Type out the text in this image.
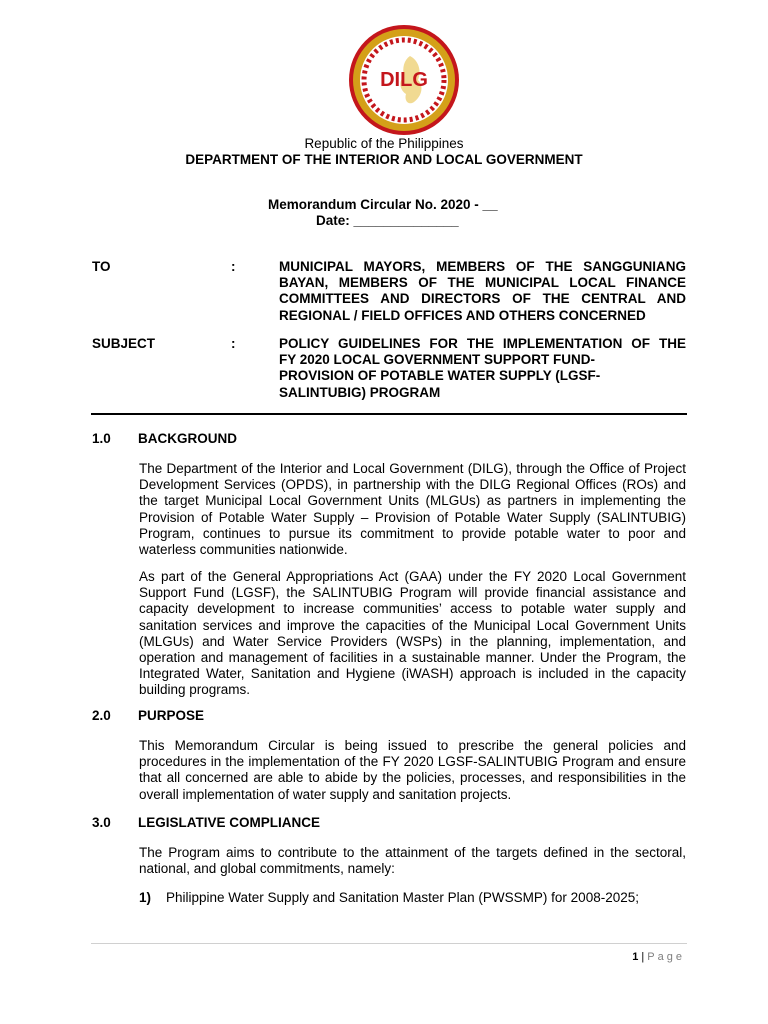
DILG
Republic of the Philippines
DEPARTMENT OF THE INTERIOR AND LOCAL GOVERNMENT
Memorandum Circular No. 2020 - __
Date: ______________
TO	:	MUNICIPAL MAYORS, MEMBERS OF THE SANGGUNIANG
BAYAN, MEMBERS OF THE MUNICIPAL LOCAL FINANCE
COMMITTEES AND DIRECTORS OF THE CENTRAL AND
REGIONAL / FIELD OFFICES AND OTHERS CONCERNED
SUBJECT	:	POLICY GUIDELINES FOR THE IMPLEMENTATION OF THE
FY 2020 LOCAL GOVERNMENT SUPPORT FUND-
PROVISION OF POTABLE WATER SUPPLY (LGSF-
SALINTUBIG) PROGRAM
1.0 BACKGROUND
The Department of the Interior and Local Government (DILG), through the Office of Project Development Services (OPDS), in partnership with the DILG Regional Offices (ROs) and the target Municipal Local Government Units (MLGUs) as partners in implementing the Provision of Potable Water Supply – Provision of Potable Water Supply (SALINTUBIG) Program, continues to pursue its commitment to provide potable water to poor and waterless communities nationwide.
As part of the General Appropriations Act (GAA) under the FY 2020 Local Government Support Fund (LGSF), the SALINTUBIG Program will provide financial assistance and capacity development to increase communities’ access to potable water supply and sanitation services and improve the capacities of the Municipal Local Government Units (MLGUs) and Water Service Providers (WSPs) in the planning, implementation, and operation and management of facilities in a sustainable manner. Under the Program, the Integrated Water, Sanitation and Hygiene (iWASH) approach is included in the capacity building programs.
2.0 PURPOSE
This Memorandum Circular is being issued to prescribe the general policies and procedures in the implementation of the FY 2020 LGSF-SALINTUBIG Program and ensure that all concerned are able to abide by the policies, processes, and responsibilities in the overall implementation of water supply and sanitation projects.
3.0 LEGISLATIVE COMPLIANCE
The Program aims to contribute to the attainment of the targets defined in the sectoral, national, and global commitments, namely:
1) Philippine Water Supply and Sanitation Master Plan (PWSSMP) for 2008-2025;
1 | Page
